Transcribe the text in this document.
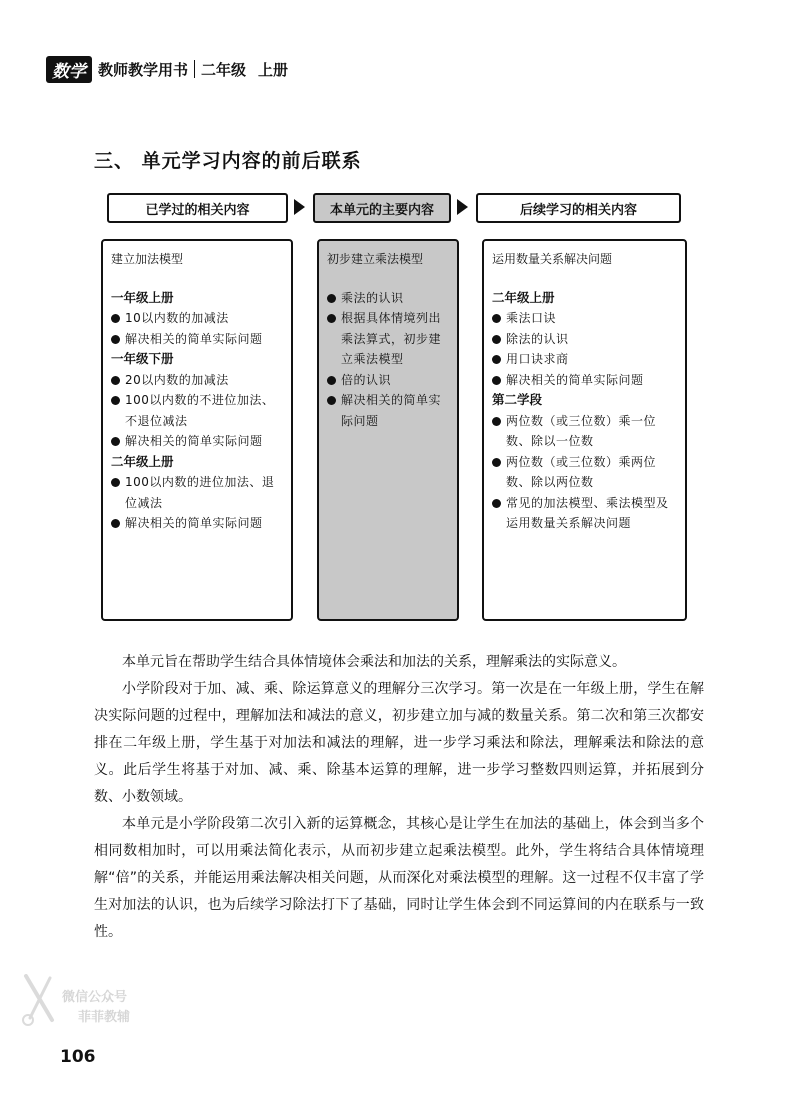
数学 教师教学用书 二年级 上册
三、 单元学习内容的前后联系
已学过的相关内容	本单元的主要内容	后续学习的相关内容
建立加法模型
一年级上册
10以内数的加减法
解决相关的简单实际问题
一年级下册
20以内数的加减法
100以内数的不进位加法、不退位减法
解决相关的简单实际问题
二年级上册
100以内数的进位加法、退位减法
解决相关的简单实际问题
初步建立乘法模型
乘法的认识
根据具体情境列出乘法算式，初步建立乘法模型
倍的认识
解决相关的简单实际问题
运用数量关系解决问题
二年级上册
乘法口诀
除法的认识
用口诀求商
解决相关的简单实际问题
第二学段
两位数（或三位数）乘一位数、除以一位数
两位数（或三位数）乘两位数、除以两位数
常见的加法模型、乘法模型及运用数量关系解决问题
本单元旨在帮助学生结合具体情境体会乘法和加法的关系，理解乘法的实际意义。
小学阶段对于加、减、乘、除运算意义的理解分三次学习。第一次是在一年级上册，学生在解决实际问题的过程中，理解加法和减法的意义，初步建立加与减的数量关系。第二次和第三次都安排在二年级上册，学生基于对加法和减法的理解，进一步学习乘法和除法，理解乘法和除法的意义。此后学生将基于对加、减、乘、除基本运算的理解，进一步学习整数四则运算，并拓展到分数、小数领域。
本单元是小学阶段第二次引入新的运算概念，其核心是让学生在加法的基础上，体会到当多个相同数相加时，可以用乘法简化表示，从而初步建立起乘法模型。此外，学生将结合具体情境理解“倍”的关系，并能运用乘法解决相关问题，从而深化对乘法模型的理解。这一过程不仅丰富了学生对加法的认识，也为后续学习除法打下了基础，同时让学生体会到不同运算间的内在联系与一致性。
微信公众号
菲菲教辅
106
